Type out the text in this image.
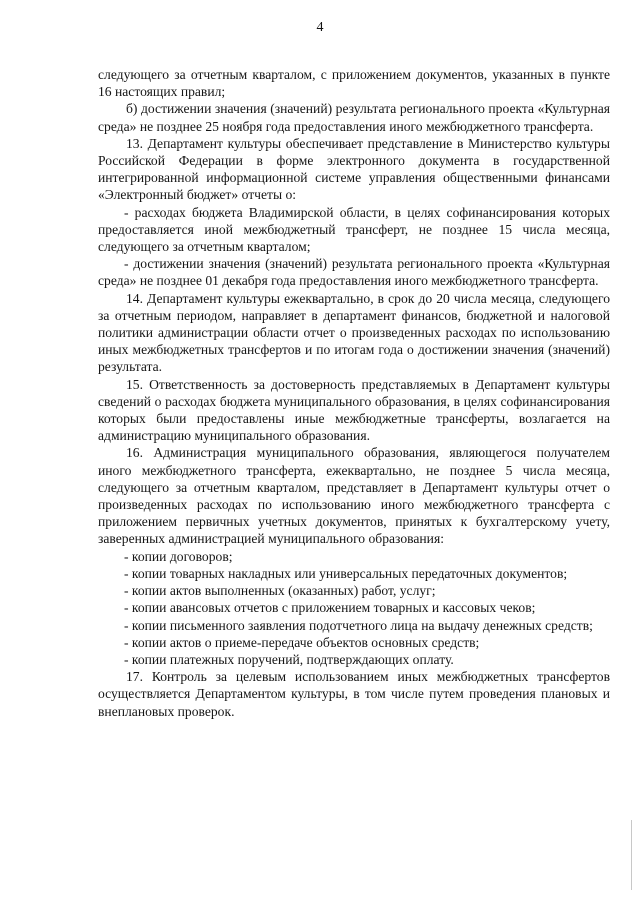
4

следующего за отчетным кварталом, с приложением документов, указанных в пункте 16 настоящих правил;

б) достижении значения (значений) результата регионального проекта «Культурная среда» не позднее 25 ноября года предоставления иного межбюджетного трансферта.

13. Департамент культуры обеспечивает представление в Министерство культуры Российской Федерации в форме электронного документа в государственной интегрированной информационной системе управления общественными финансами «Электронный бюджет» отчеты о:

- расходах бюджета Владимирской области, в целях софинансирования которых предоставляется иной межбюджетный трансферт, не позднее 15 числа месяца, следующего за отчетным кварталом;

- достижении значения (значений) результата регионального проекта «Культурная среда» не позднее 01 декабря года предоставления иного межбюджетного трансферта.

14. Департамент культуры ежеквартально, в срок до 20 числа месяца, следующего за отчетным периодом, направляет в департамент финансов, бюджетной и налоговой политики администрации области отчет о произведенных расходах по использованию иных межбюджетных трансфертов и по итогам года о достижении значения (значений) результата.

15. Ответственность за достоверность представляемых в Департамент культуры сведений о расходах бюджета муниципального образования, в целях софинансирования которых были предоставлены иные межбюджетные трансферты, возлагается на администрацию муниципального образования.

16. Администрация муниципального образования, являющегося получателем иного межбюджетного трансферта, ежеквартально, не позднее 5 числа месяца, следующего за отчетным кварталом, представляет в Департамент культуры отчет о произведенных расходах по использованию иного межбюджетного трансферта с приложением первичных учетных документов, принятых к бухгалтерскому учету, заверенных администрацией муниципального образования:

- копии договоров;

- копии товарных накладных или универсальных передаточных документов;

- копии актов выполненных (оказанных) работ, услуг;

- копии авансовых отчетов с приложением товарных и кассовых чеков;

- копии письменного заявления подотчетного лица на выдачу денежных средств;

- копии актов о приеме-передаче объектов основных средств;

- копии платежных поручений, подтверждающих оплату.

17. Контроль за целевым использованием иных межбюджетных трансфертов осуществляется Департаментом культуры, в том числе путем проведения плановых и внеплановых проверок.
